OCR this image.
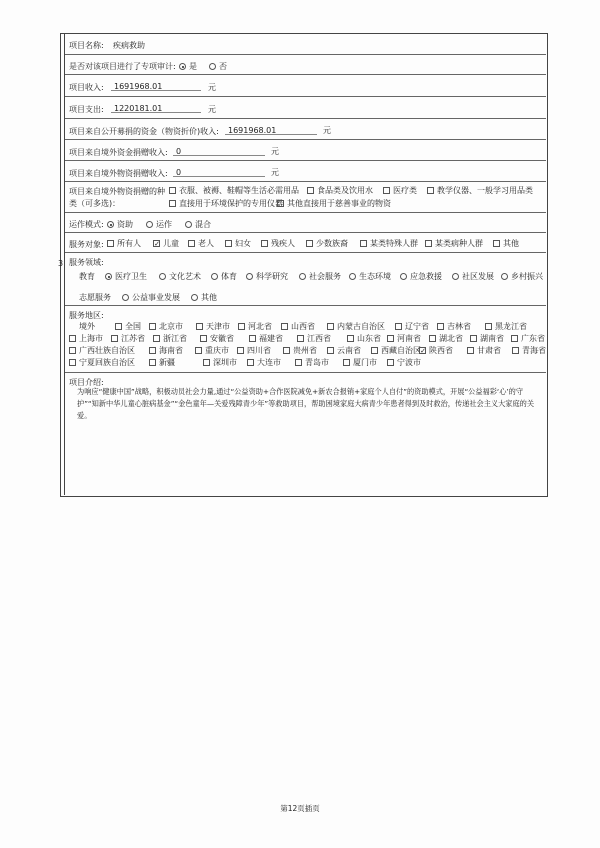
3
项目名称: 疾病救助
是否对该项目进行了专项审计:	是	否
项目收入: 1691968.01	元
项目支出: 1220181.01	元
项目来自公开募捐的资金（物资折价)收入: 1691968.01	元
项目来自境外资金捐赠收入: 0	元
项目来自境外物资捐赠收入: 0	元
项目来自境外物资捐赠的种
类（可多选)：
衣服、被褥、鞋帽等生活必需用品	食品类及饮用水	医疗类	教学仪器、一般学习用品类
直接用于环境保护的专用仪器 其他直接用于慈善事业的物资
运作模式:	资助	运作	混合
服务对象:	所有人 ✓	儿童	老人	妇女	残疾人	少数族裔	某类特殊人群	某类病种人群	其他
服务领域:
教育	医疗卫生	文化艺术	体育	科学研究	社会服务	生态环境	应急救援	社区发展	乡村振兴
志愿服务	公益事业发展	其他
服务地区:
境外	全国	北京市	天津市	河北省	山西省	内蒙古自治区	辽宁省	吉林省	黑龙江省
上海市	江苏省	浙江省	安徽省	福建省	江西省	山东省	河南省	湖北省	湖南省	广东省
广西壮族自治区	海南省	重庆市	四川省	贵州省	云南省	西藏自治区 ✓	陕西省	甘肃省	青海省
宁夏回族自治区	新疆	深圳市	大连市	青岛市	厦门市	宁波市
项目介绍:
为响应“健康中国”战略，积极动员社会力量,通过“公益资助+合作医院减免+新农合报销+家庭个人自付”的资助模式，开展“公益福彩‘心’的守护”“知新中华儿童心脏病基金”“金色童年—关爱残障青少年”等救助项目，帮助困境家庭大病青少年患者得到及时救治，传递社会主义大家庭的关爱。
第12页插页
